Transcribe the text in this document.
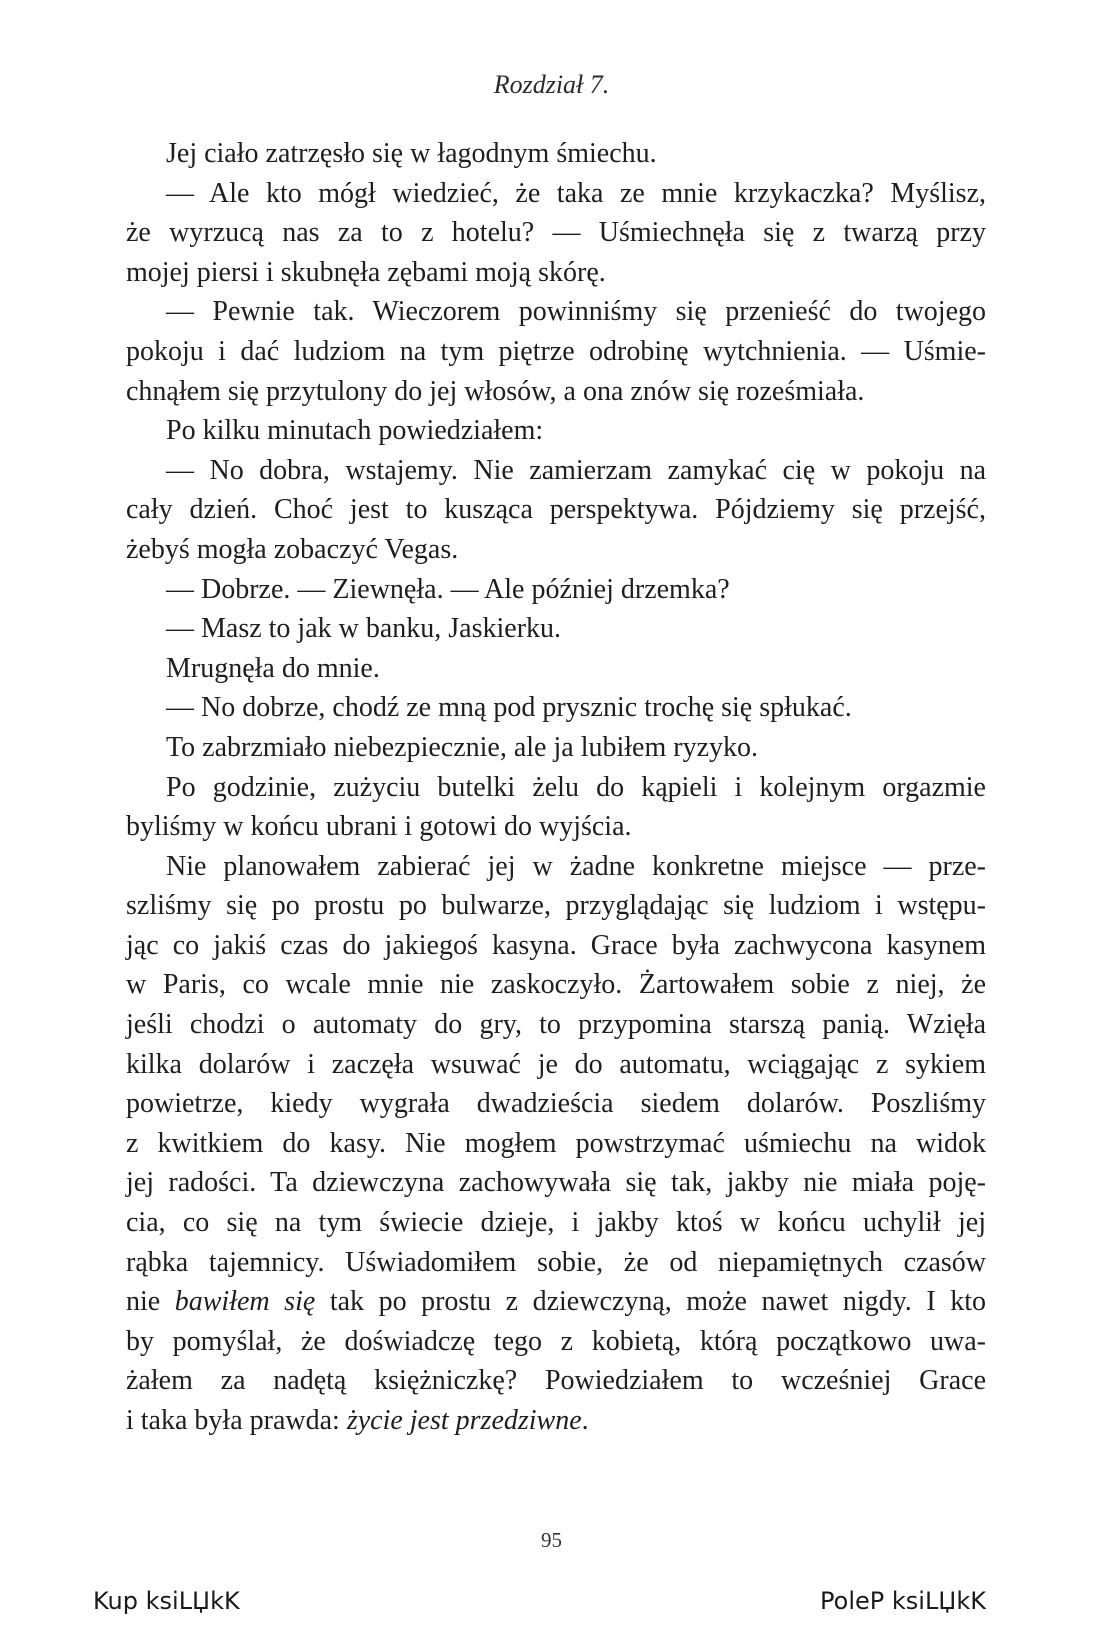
Rozdział 7.
Jej ciało zatrzęsło się w łagodnym śmiechu.
— Ale kto mógł wiedzieć, że taka ze mnie krzykaczka? Myślisz,
że wyrzucą nas za to z hotelu? — Uśmiechnęła się z twarzą przy
mojej piersi i skubnęła zębami moją skórę.
— Pewnie tak. Wieczorem powinniśmy się przenieść do twojego
pokoju i dać ludziom na tym piętrze odrobinę wytchnienia. — Uśmie-
chnąłem się przytulony do jej włosów, a ona znów się roześmiała.
Po kilku minutach powiedziałem:
— No dobra, wstajemy. Nie zamierzam zamykać cię w pokoju na
cały dzień. Choć jest to kusząca perspektywa. Pójdziemy się przejść,
żebyś mogła zobaczyć Vegas.
— Dobrze. — Ziewnęła. — Ale później drzemka?
— Masz to jak w banku, Jaskierku.
Mrugnęła do mnie.
— No dobrze, chodź ze mną pod prysznic trochę się spłukać.
To zabrzmiało niebezpiecznie, ale ja lubiłem ryzyko.
Po godzinie, zużyciu butelki żelu do kąpieli i kolejnym orgazmie
byliśmy w końcu ubrani i gotowi do wyjścia.
Nie planowałem zabierać jej w żadne konkretne miejsce — prze-
szliśmy się po prostu po bulwarze, przyglądając się ludziom i wstępu-
jąc co jakiś czas do jakiegoś kasyna. Grace była zachwycona kasynem
w Paris, co wcale mnie nie zaskoczyło. Żartowałem sobie z niej, że
jeśli chodzi o automaty do gry, to przypomina starszą panią. Wzięła
kilka dolarów i zaczęła wsuwać je do automatu, wciągając z sykiem
powietrze, kiedy wygrała dwadzieścia siedem dolarów. Poszliśmy
z kwitkiem do kasy. Nie mogłem powstrzymać uśmiechu na widok
jej radości. Ta dziewczyna zachowywała się tak, jakby nie miała poję-
cia, co się na tym świecie dzieje, i jakby ktoś w końcu uchylił jej
rąbka tajemnicy. Uświadomiłem sobie, że od niepamiętnych czasów
nie bawiłem się tak po prostu z dziewczyną, może nawet nigdy. I kto
by pomyślał, że doświadczę tego z kobietą, którą początkowo uwa-
żałem za nadętą księżniczkę? Powiedziałem to wcześniej Grace
i taka była prawda: życie jest przedziwne.
95
Kup ksiLЏkK	PoleP ksiLЏkK
